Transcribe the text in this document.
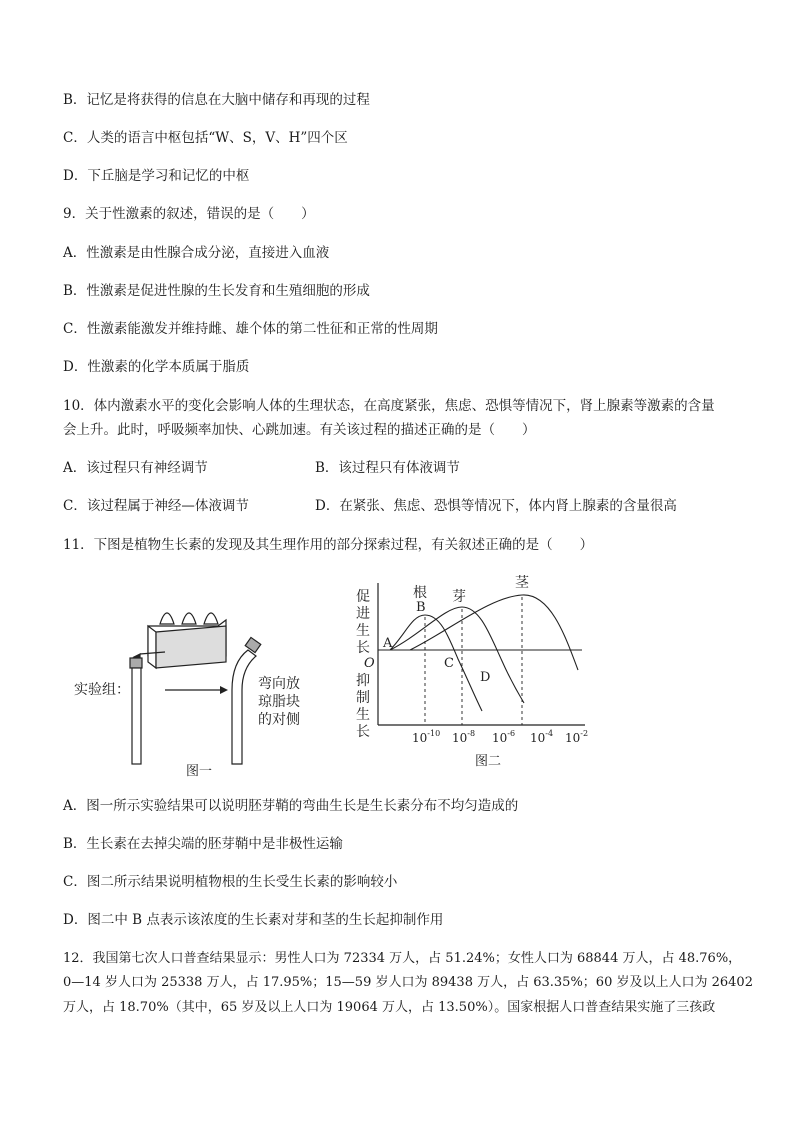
B．记忆是将获得的信息在大脑中储存和再现的过程
C．人类的语言中枢包括“W、S，V、H”四个区
D．下丘脑是学习和记忆的中枢
9．关于性激素的叙述，错误的是（　　）
A．性激素是由性腺合成分泌，直接进入血液
B．性激素是促进性腺的生长发育和生殖细胞的形成
C．性激素能激发并维持雌、雄个体的第二性征和正常的性周期
D．性激素的化学本质属于脂质
10．体内激素水平的变化会影响人体的生理状态，在高度紧张，焦虑、恐惧等情况下，肾上腺素等激素的含量
会上升。此时，呼吸频率加快、心跳加速。有关该过程的描述正确的是（　　）
A．该过程只有神经调节	B．该过程只有体液调节
C．该过程属于神经—体液调节	D．在紧张、焦虑、恐惧等情况下，体内肾上腺素的含量很高
11．下图是植物生长素的发现及其生理作用的部分探索过程，有关叙述正确的是（　　）
实验组：	弯向放
琼脂块
的对侧
图一
促
进
生
长
O
抑
制
生
长
根 芽
茎
B
A
C
D
$10^{-10}$ $10^{-8}$ $10^{-6}$ $10^{-4}$ $10^{-2}$
图二
A．图一所示实验结果可以说明胚芽鞘的弯曲生长是生长素分布不均匀造成的
B．生长素在去掉尖端的胚芽鞘中是非极性运输
C．图二所示结果说明植物根的生长受生长素的影响较小
D．图二中 B 点表示该浓度的生长素对芽和茎的生长起抑制作用
12．我国第七次人口普查结果显示：男性人口为 72334 万人，占 51.24%；女性人口为 68844 万人，占 48.76%，
0—14 岁人口为 25338 万人，占 17.95%；15—59 岁人口为 89438 万人，占 63.35%；60 岁及以上人口为 26402
万人，占 18.70%（其中，65 岁及以上人口为 19064 万人，占 13.50%）。国家根据人口普查结果实施了三孩政
